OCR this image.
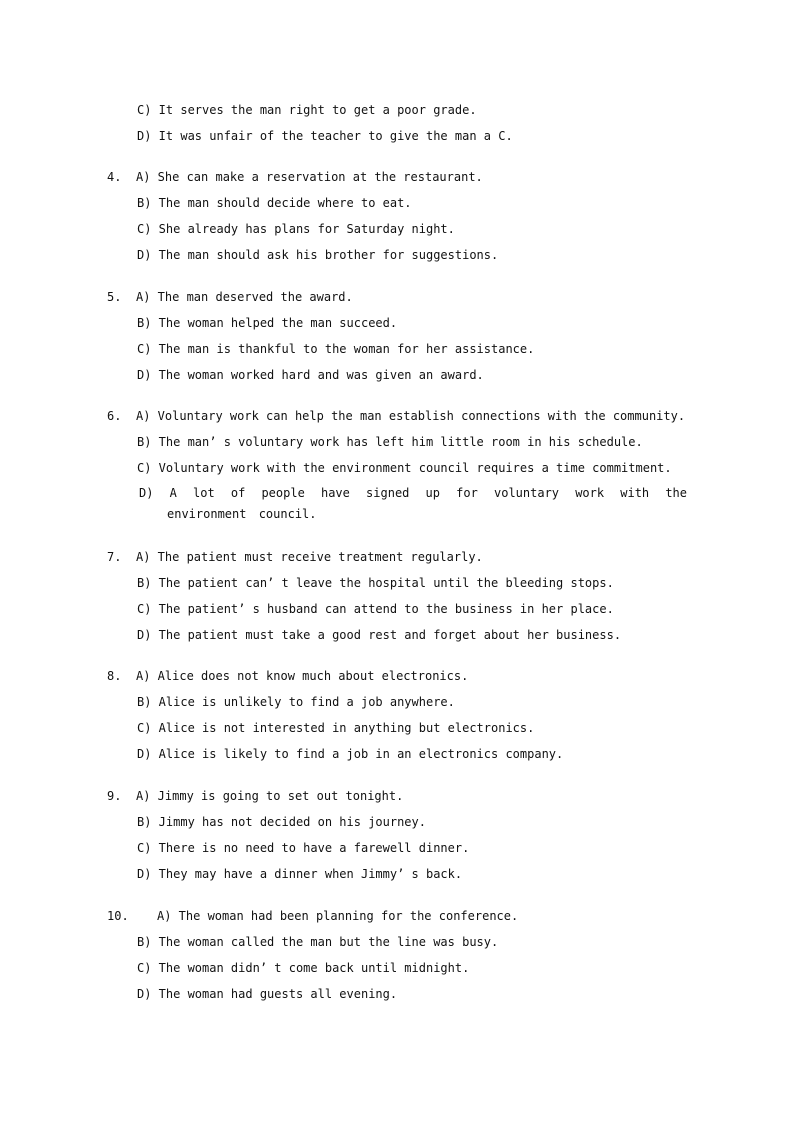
C) It serves the man right to get a poor grade.
D) It was unfair of the teacher to give the man a C.
4. A) She can make a reservation at the restaurant.
B) The man should decide where to eat.
C) She already has plans for Saturday night.
D) The man should ask his brother for suggestions.
5. A) The man deserved the award.
B) The woman helped the man succeed.
C) The man is thankful to the woman for her assistance.
D) The woman worked hard and was given an award.
6. A) Voluntary work can help the man establish connections with the community.
B) The man’ s voluntary work has left him little room in his schedule.
C) Voluntary work with the environment council requires a time commitment.
D) A lot of people have signed up for voluntary work with the environment council.
7. A) The patient must receive treatment regularly.
B) The patient can’ t leave the hospital until the bleeding stops.
C) The patient’ s husband can attend to the business in her place.
D) The patient must take a good rest and forget about her business.
8. A) Alice does not know much about electronics.
B) Alice is unlikely to find a job anywhere.
C) Alice is not interested in anything but electronics.
D) Alice is likely to find a job in an electronics company.
9. A) Jimmy is going to set out tonight.
B) Jimmy has not decided on his journey.
C) There is no need to have a farewell dinner.
D) They may have a dinner when Jimmy’ s back.
10. A) The woman had been planning for the conference.
B) The woman called the man but the line was busy.
C) The woman didn’ t come back until midnight.
D) The woman had guests all evening.
